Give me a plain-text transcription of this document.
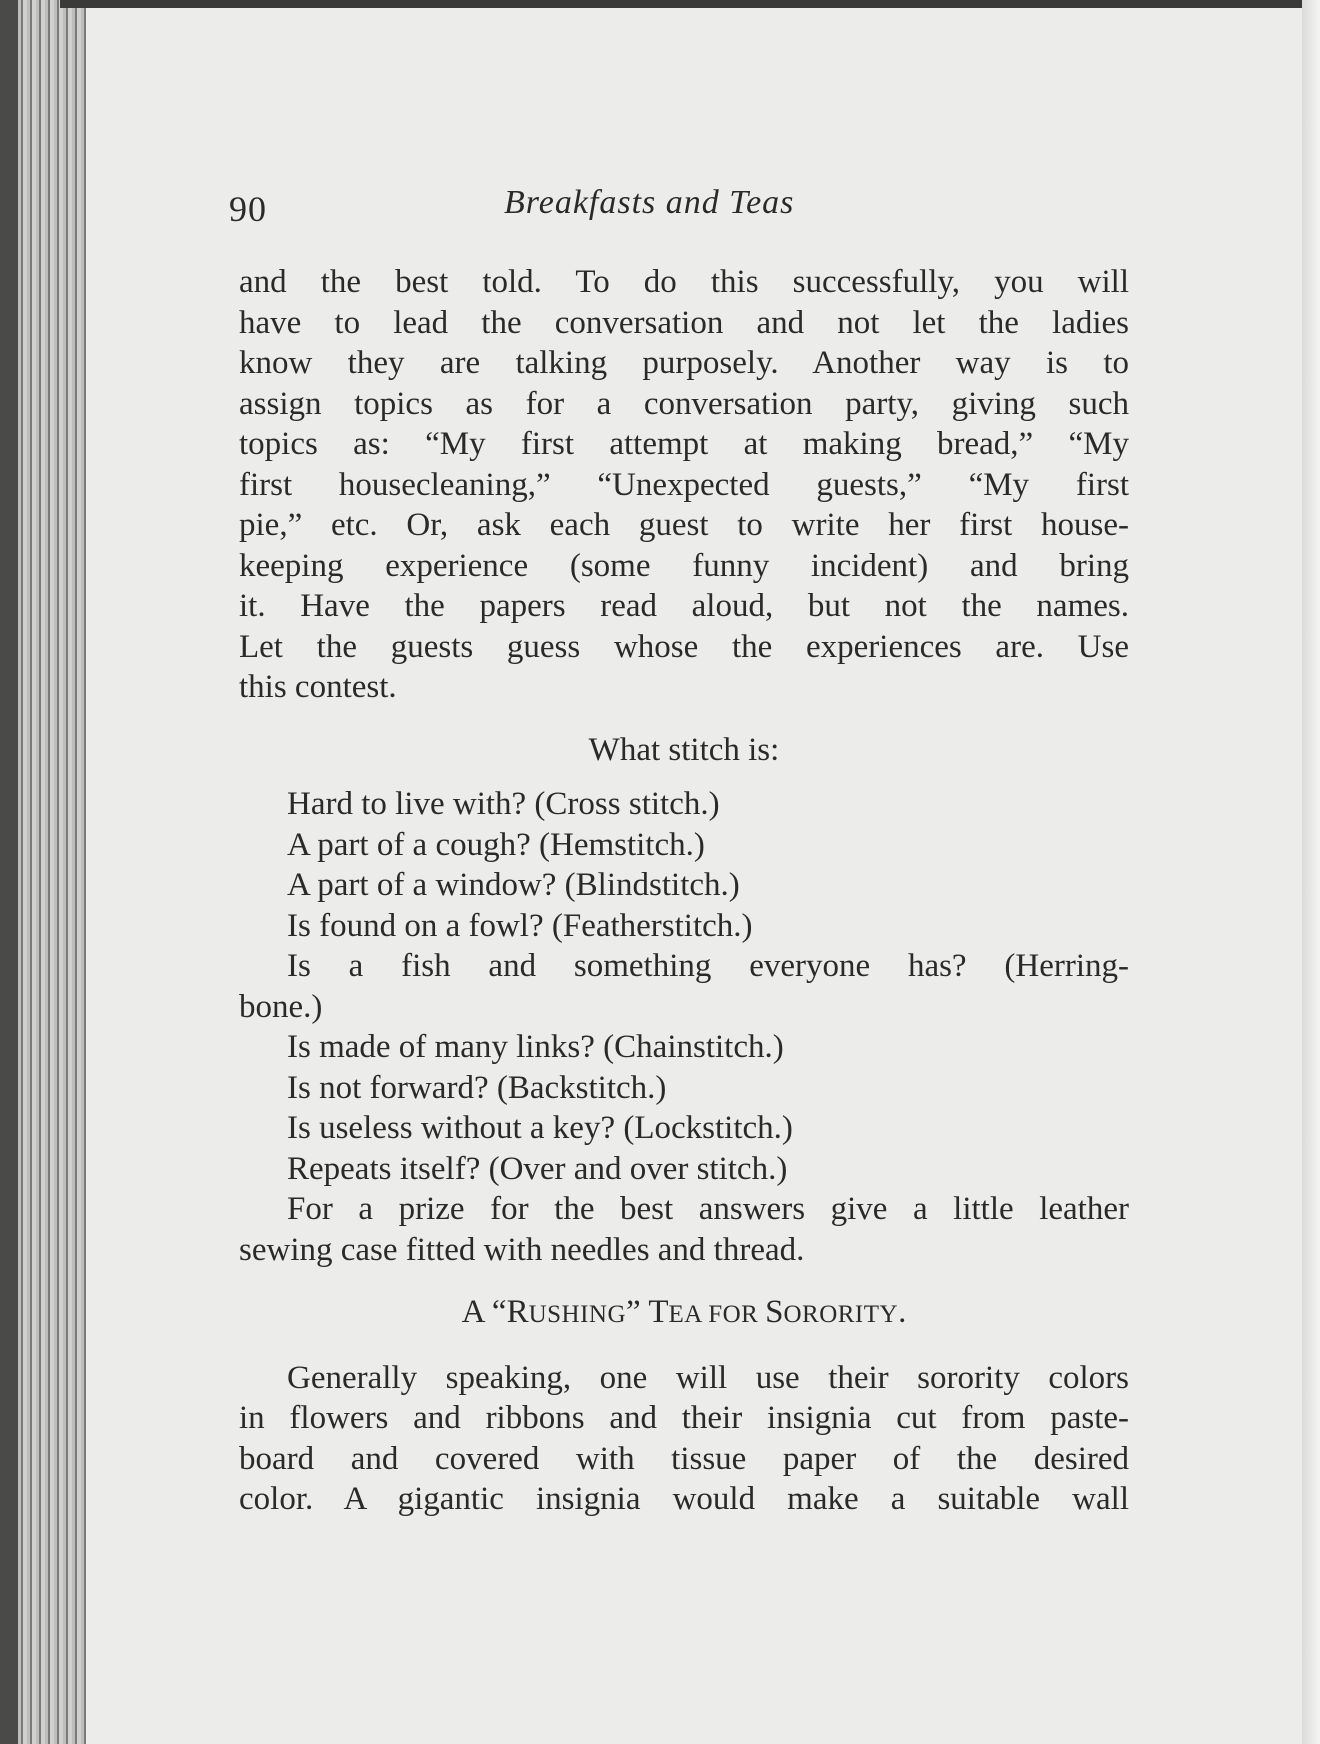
90	Breakfasts and Teas
and the best told. To do this successfully, you will
have to lead the conversation and not let the ladies
know they are talking purposely. Another way is to
assign topics as for a conversation party, giving such
topics as: “My first attempt at making bread,” “My
first housecleaning,” “Unexpected guests,” “My first
pie,” etc. Or, ask each guest to write her first house-
keeping experience (some funny incident) and bring
it. Have the papers read aloud, but not the names.
Let the guests guess whose the experiences are. Use
this contest.
What stitch is:
Hard to live with? (Cross stitch.)
A part of a cough? (Hemstitch.)
A part of a window? (Blindstitch.)
Is found on a fowl? (Featherstitch.)
Is a fish and something everyone has? (Herring-
bone.)
Is made of many links? (Chainstitch.)
Is not forward? (Backstitch.)
Is useless without a key? (Lockstitch.)
Repeats itself? (Over and over stitch.)
For a prize for the best answers give a little leather
sewing case fitted with needles and thread.
A “RUSHING” TEA FOR SORORITY.
Generally speaking, one will use their sorority colors
in flowers and ribbons and their insignia cut from paste-
board and covered with tissue paper of the desired
color. A gigantic insignia would make a suitable wall
